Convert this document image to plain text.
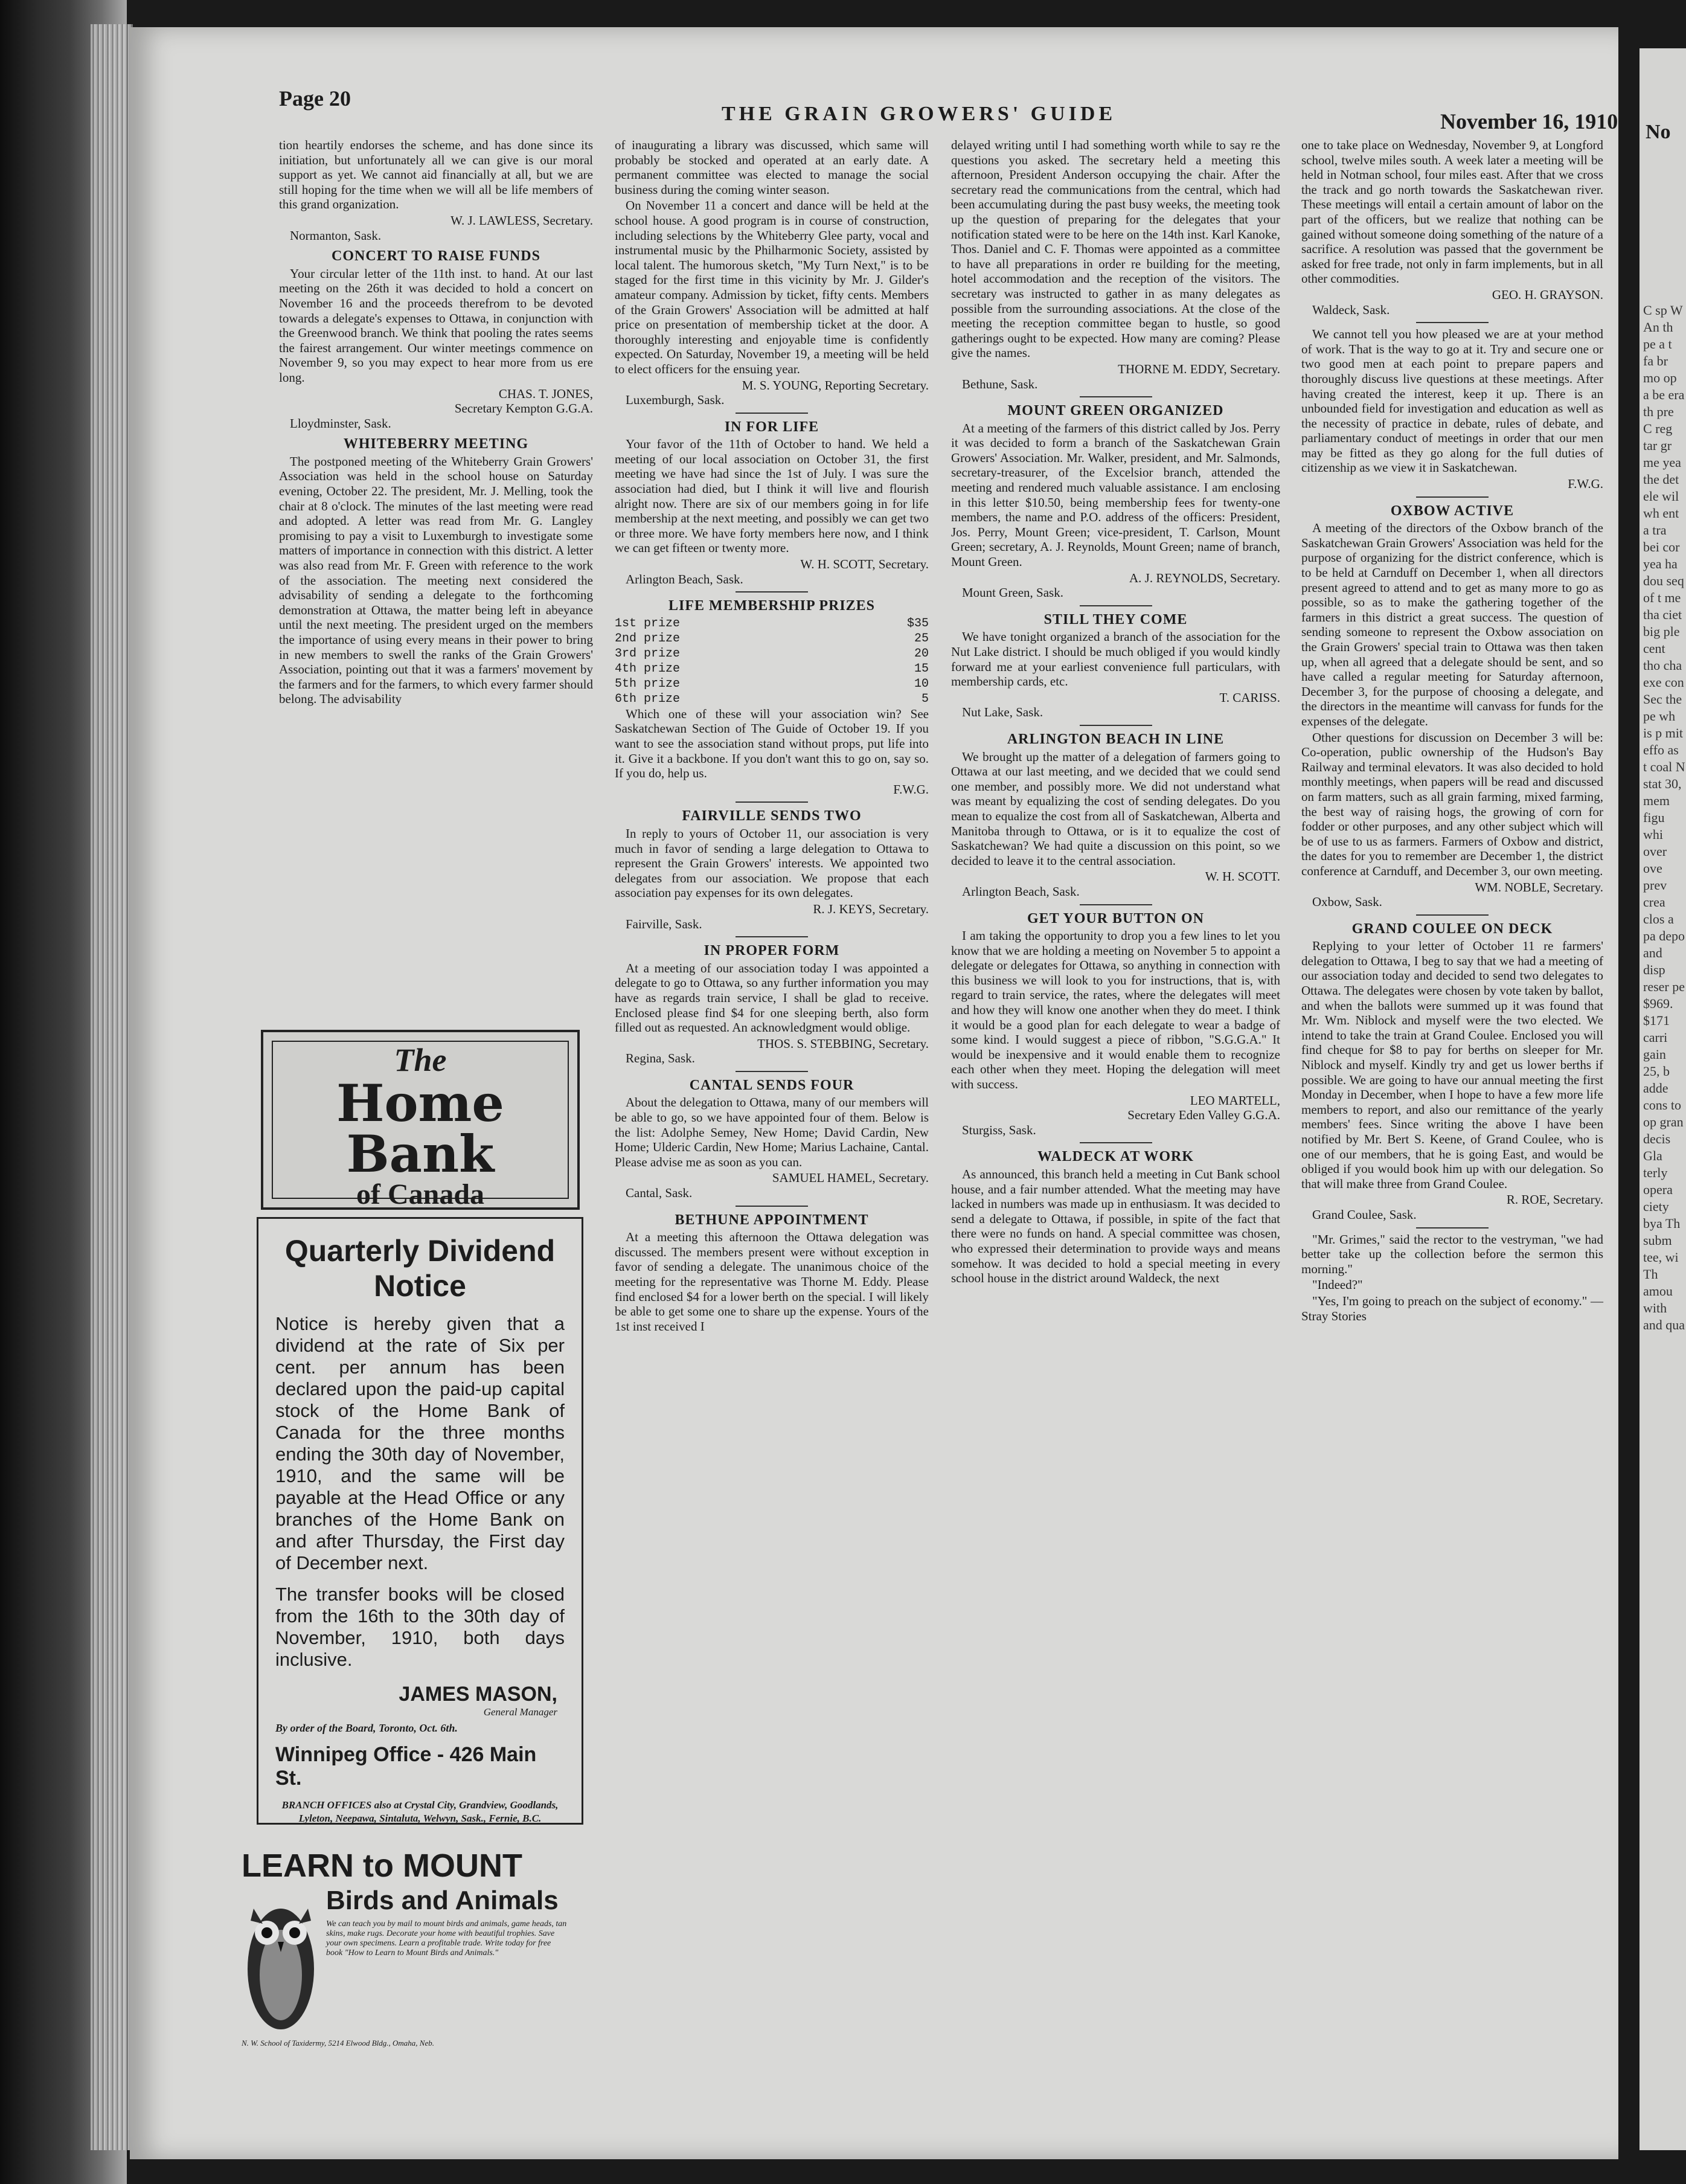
No
C sp W An th pe a t fa br mo op a be era th pre C reg tar gr me yea the det ele wil wh ent a tra bei cor yea ha dou seq of t me tha ciet big ple cent tho cha exe con Sec the pe wh is p mit effo as t coal N stat 30, mem figu whi over ove prev crea clos a pa depo and disp reser pe $969. $171 carri gain 25, b adde cons to op gran decis Gla terly opera ciety bya Th subm tee, wi Th amou with and qua
Page 20
THE GRAIN GROWERS' GUIDE	November 16, 1910

tion heartily endorses the scheme, and has done since its initiation, but unfortunately all we can give is our moral support as yet. We cannot aid financially at all, but we are still hoping for the time when we will all be life members of this grand organization.

W. J. LAWLESS, Secretary.

Normanton, Sask.

CONCERT TO RAISE FUNDS

Your circular letter of the 11th inst. to hand. At our last meeting on the 26th it was decided to hold a concert on November 16 and the proceeds therefrom to be devoted towards a delegate's expenses to Ottawa, in conjunction with the Greenwood branch. We think that pooling the rates seems the fairest arrangement. Our winter meetings commence on November 9, so you may expect to hear more from us ere long.

CHAS. T. JONES,

Secretary Kempton G.G.A.

Lloydminster, Sask.

WHITEBERRY MEETING

The postponed meeting of the Whiteberry Grain Growers' Association was held in the school house on Saturday evening, October 22. The president, Mr. J. Melling, took the chair at 8 o'clock. The minutes of the last meeting were read and adopted. A letter was read from Mr. G. Langley promising to pay a visit to Luxemburgh to investigate some matters of importance in connection with this district. A letter was also read from Mr. F. Green with reference to the work of the association. The meeting next considered the advisability of sending a delegate to the forthcoming demonstration at Ottawa, the matter being left in abeyance until the next meeting. The president urged on the members the importance of using every means in their power to bring in new members to swell the ranks of the Grain Growers' Association, pointing out that it was a farmers' movement by the farmers and for the farmers, to which every farmer should belong. The advisability

The
Home Bank
of Canada
Quarterly Dividend
Notice
Notice is hereby given that a dividend at the rate of Six per cent. per annum has been declared upon the paid-up capital stock of the Home Bank of Canada for the three months ending the 30th day of November, 1910, and the same will be payable at the Head Office or any branches of the Home Bank on and after Thursday, the First day of December next.
The transfer books will be closed from the 16th to the 30th day of November, 1910, both days inclusive.
JAMES MASON,
General Manager
By order of the Board, Toronto, Oct. 6th.
Winnipeg Office - 426 Main St.
BRANCH OFFICES also at Crystal City, Grandview, Goodlands, Lyleton, Neepawa, Sintaluta, Welwyn, Sask., Fernie, B.C.
LEARN to MOUNT
Birds and Animals
We can teach you by mail to mount birds and animals, game heads, tan skins, make rugs. Decorate your home with beautiful trophies. Save your own specimens. Learn a profitable trade. Write today for free book "How to Learn to Mount Birds and Animals."
N. W. School of Taxidermy, 5214 Elwood Bldg., Omaha, Neb.

of inaugurating a library was discussed, which same will probably be stocked and operated at an early date. A permanent committee was elected to manage the social business during the coming winter season.

On November 11 a concert and dance will be held at the school house. A good program is in course of construction, including selections by the Whiteberry Glee party, vocal and instrumental music by the Philharmonic Society, assisted by local talent. The humorous sketch, "My Turn Next," is to be staged for the first time in this vicinity by Mr. J. Gilder's amateur company. Admission by ticket, fifty cents. Members of the Grain Growers' Association will be admitted at half price on presentation of membership ticket at the door. A thoroughly interesting and enjoyable time is confidently expected. On Saturday, November 19, a meeting will be held to elect officers for the ensuing year.

M. S. YOUNG, Reporting Secretary.

Luxemburgh, Sask.

IN FOR LIFE

Your favor of the 11th of October to hand. We held a meeting of our local association on October 31, the first meeting we have had since the 1st of July. I was sure the association had died, but I think it will live and flourish alright now. There are six of our members going in for life membership at the next meeting, and possibly we can get two or three more. We have forty members here now, and I think we can get fifteen or twenty more.

W. H. SCOTT, Secretary.

Arlington Beach, Sask.

LIFE MEMBERSHIP PRIZES
1st prize	$35
2nd prize	25
3rd prize	20
4th prize	15
5th prize	10
6th prize	5

Which one of these will your association win? See Saskatchewan Section of The Guide of October 19. If you want to see the association stand without props, put life into it. Give it a backbone. If you don't want this to go on, say so. If you do, help us.

F.W.G.

FAIRVILLE SENDS TWO

In reply to yours of October 11, our association is very much in favor of sending a large delegation to Ottawa to represent the Grain Growers' interests. We appointed two delegates from our association. We propose that each association pay expenses for its own delegates.

R. J. KEYS, Secretary.

Fairville, Sask.

IN PROPER FORM

At a meeting of our association today I was appointed a delegate to go to Ottawa, so any further information you may have as regards train service, I shall be glad to receive. Enclosed please find $4 for one sleeping berth, also form filled out as requested. An acknowledgment would oblige.

THOS. S. STEBBING, Secretary.

Regina, Sask.

CANTAL SENDS FOUR

About the delegation to Ottawa, many of our members will be able to go, so we have appointed four of them. Below is the list: Adolphe Semey, New Home; David Cardin, New Home; Ulderic Cardin, New Home; Marius Lachaine, Cantal. Please advise me as soon as you can.

SAMUEL HAMEL, Secretary.

Cantal, Sask.

BETHUNE APPOINTMENT

At a meeting this afternoon the Ottawa delegation was discussed. The members present were without exception in favor of sending a delegate. The unanimous choice of the meeting for the representative was Thorne M. Eddy. Please find enclosed $4 for a lower berth on the special. I will likely be able to get some one to share up the expense. Yours of the 1st inst received I

delayed writing until I had something worth while to say re the questions you asked. The secretary held a meeting this afternoon, President Anderson occupying the chair. After the secretary read the communications from the central, which had been accumulating during the past busy weeks, the meeting took up the question of preparing for the delegates that your notification stated were to be here on the 14th inst. Karl Kanoke, Thos. Daniel and C. F. Thomas were appointed as a committee to have all preparations in order re building for the meeting, hotel accommodation and the reception of the visitors. The secretary was instructed to gather in as many delegates as possible from the surrounding associations. At the close of the meeting the reception committee began to hustle, so good gatherings ought to be expected. How many are coming? Please give the names.

THORNE M. EDDY, Secretary.

Bethune, Sask.

MOUNT GREEN ORGANIZED

At a meeting of the farmers of this district called by Jos. Perry it was decided to form a branch of the Saskatchewan Grain Growers' Association. Mr. Walker, president, and Mr. Salmonds, secretary-treasurer, of the Excelsior branch, attended the meeting and rendered much valuable assistance. I am enclosing in this letter $10.50, being membership fees for twenty-one members, the name and P.O. address of the officers: President, Jos. Perry, Mount Green; vice-president, T. Carlson, Mount Green; secretary, A. J. Reynolds, Mount Green; name of branch, Mount Green.

A. J. REYNOLDS, Secretary.

Mount Green, Sask.

STILL THEY COME

We have tonight organized a branch of the association for the Nut Lake district. I should be much obliged if you would kindly forward me at your earliest convenience full particulars, with membership cards, etc.

T. CARISS.

Nut Lake, Sask.

ARLINGTON BEACH IN LINE

We brought up the matter of a delegation of farmers going to Ottawa at our last meeting, and we decided that we could send one member, and possibly more. We did not understand what was meant by equalizing the cost of sending delegates. Do you mean to equalize the cost from all of Saskatchewan, Alberta and Manitoba through to Ottawa, or is it to equalize the cost of Saskatchewan? We had quite a discussion on this point, so we decided to leave it to the central association.

W. H. SCOTT.

Arlington Beach, Sask.

GET YOUR BUTTON ON

I am taking the opportunity to drop you a few lines to let you know that we are holding a meeting on November 5 to appoint a delegate or delegates for Ottawa, so anything in connection with this business we will look to you for instructions, that is, with regard to train service, the rates, where the delegates will meet and how they will know one another when they do meet. I think it would be a good plan for each delegate to wear a badge of some kind. I would suggest a piece of ribbon, "S.G.G.A." It would be inexpensive and it would enable them to recognize each other when they meet. Hoping the delegation will meet with success.

LEO MARTELL,

Secretary Eden Valley G.G.A.

Sturgiss, Sask.

WALDECK AT WORK

As announced, this branch held a meeting in Cut Bank school house, and a fair number attended. What the meeting may have lacked in numbers was made up in enthusiasm. It was decided to send a delegate to Ottawa, if possible, in spite of the fact that there were no funds on hand. A special committee was chosen, who expressed their determination to provide ways and means somehow. It was decided to hold a special meeting in every school house in the district around Waldeck, the next

one to take place on Wednesday, November 9, at Longford school, twelve miles south. A week later a meeting will be held in Notman school, four miles east. After that we cross the track and go north towards the Saskatchewan river. These meetings will entail a certain amount of labor on the part of the officers, but we realize that nothing can be gained without someone doing something of the nature of a sacrifice. A resolution was passed that the government be asked for free trade, not only in farm implements, but in all other commodities.

GEO. H. GRAYSON.

Waldeck, Sask.

We cannot tell you how pleased we are at your method of work. That is the way to go at it. Try and secure one or two good men at each point to prepare papers and thoroughly discuss live questions at these meetings. After having created the interest, keep it up. There is an unbounded field for investigation and education as well as the necessity of practice in debate, rules of debate, and parliamentary conduct of meetings in order that our men may be fitted as they go along for the full duties of citizenship as we view it in Saskatchewan.

F.W.G.

OXBOW ACTIVE

A meeting of the directors of the Oxbow branch of the Saskatchewan Grain Growers' Association was held for the purpose of organizing for the district conference, which is to be held at Carnduff on December 1, when all directors present agreed to attend and to get as many more to go as possible, so as to make the gathering together of the farmers in this district a great success. The question of sending someone to represent the Oxbow association on the Grain Growers' special train to Ottawa was then taken up, when all agreed that a delegate should be sent, and so have called a regular meeting for Saturday afternoon, December 3, for the purpose of choosing a delegate, and the directors in the meantime will canvass for funds for the expenses of the delegate.

Other questions for discussion on December 3 will be: Co-operation, public ownership of the Hudson's Bay Railway and terminal elevators. It was also decided to hold monthly meetings, when papers will be read and discussed on farm matters, such as all grain farming, mixed farming, the best way of raising hogs, the growing of corn for fodder or other purposes, and any other subject which will be of use to us as farmers. Farmers of Oxbow and district, the dates for you to remember are December 1, the district conference at Carnduff, and December 3, our own meeting.

WM. NOBLE, Secretary.

Oxbow, Sask.

GRAND COULEE ON DECK

Replying to your letter of October 11 re farmers' delegation to Ottawa, I beg to say that we had a meeting of our association today and decided to send two delegates to Ottawa. The delegates were chosen by vote taken by ballot, and when the ballots were summed up it was found that Mr. Wm. Niblock and myself were the two elected. We intend to take the train at Grand Coulee. Enclosed you will find cheque for $8 to pay for berths on sleeper for Mr. Niblock and myself. Kindly try and get us lower berths if possible. We are going to have our annual meeting the first Monday in December, when I hope to have a few more life members to report, and also our remittance of the yearly members' fees. Since writing the above I have been notified by Mr. Bert S. Keene, of Grand Coulee, who is one of our members, that he is going East, and would be obliged if you would book him up with our delegation. So that will make three from Grand Coulee.

R. ROE, Secretary.

Grand Coulee, Sask.

"Mr. Grimes," said the rector to the vestryman, "we had better take up the collection before the sermon this morning."

"Indeed?"

"Yes, I'm going to preach on the subject of economy." —Stray Stories
